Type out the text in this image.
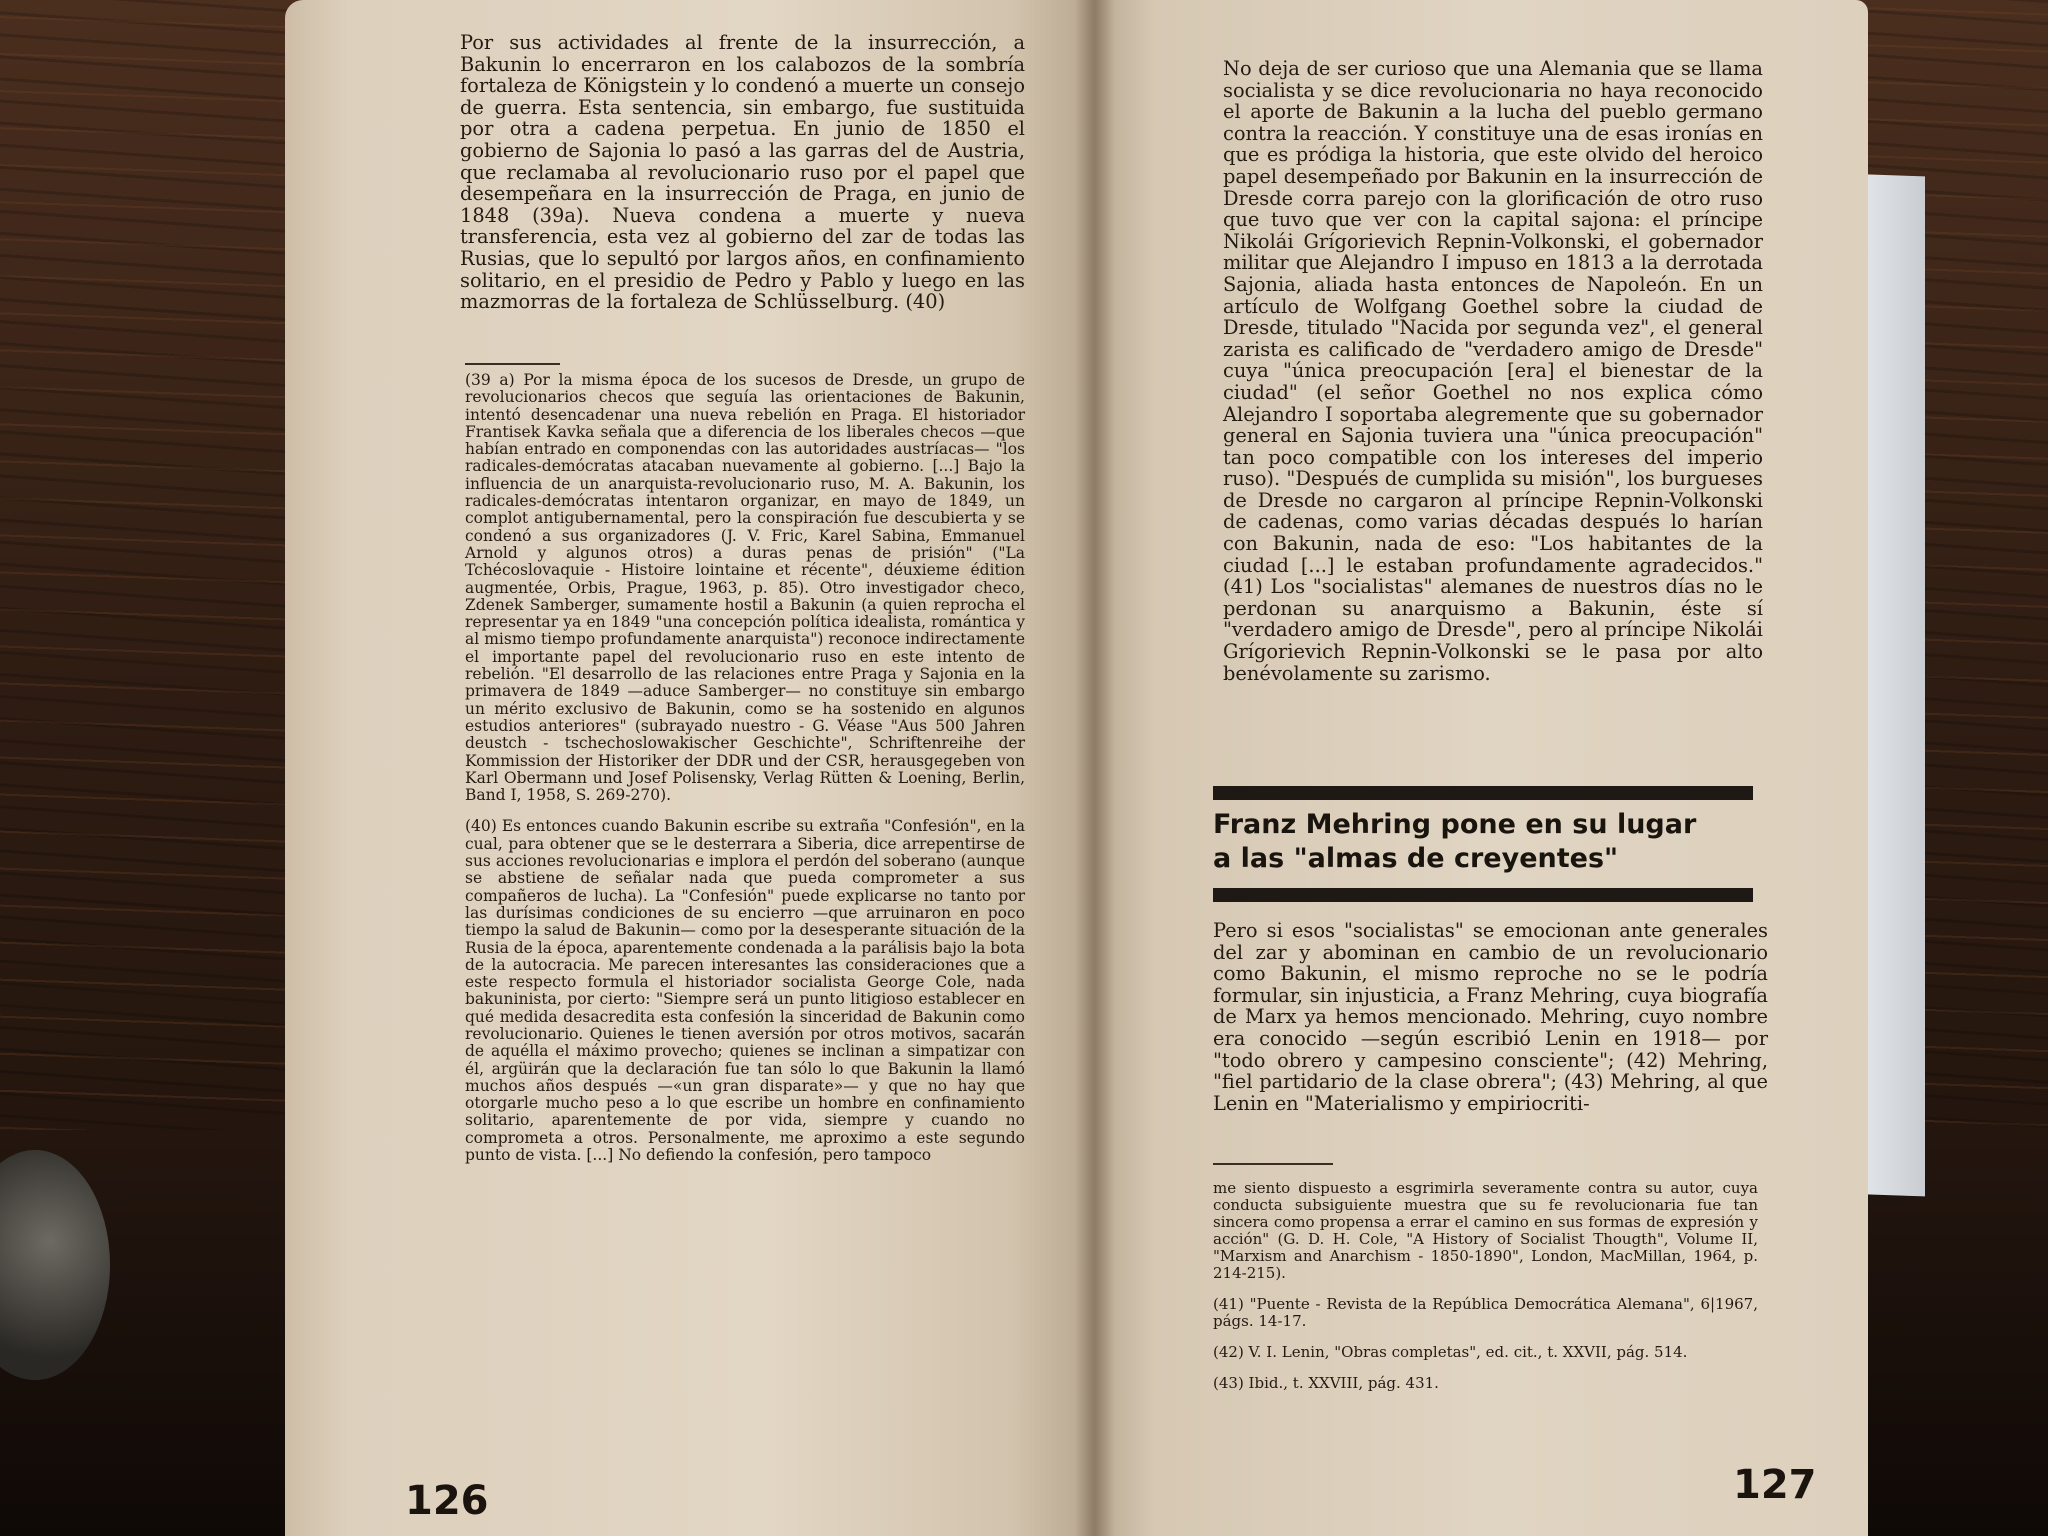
Por sus actividades al frente de la insurrección, a Bakunin lo encerraron en los calabozos de la sombría fortaleza de Königstein y lo condenó a muerte un consejo de guerra. Esta sentencia, sin embargo, fue sustituida por otra a cadena perpetua. En junio de 1850 el gobierno de Sajonia lo pasó a las garras del de Austria, que reclamaba al revolucionario ruso por el papel que desempeñara en la insurrección de Praga, en junio de 1848 (39a). Nueva condena a muerte y nueva transferencia, esta vez al gobierno del zar de todas las Rusias, que lo sepultó por largos años, en confinamiento solitario, en el presidio de Pedro y Pablo y luego en las mazmorras de la fortaleza de Schlüsselburg. (40)

(39 a) Por la misma época de los sucesos de Dresde, un grupo de revolucionarios checos que seguía las orientaciones de Bakunin, intentó desencadenar una nueva rebelión en Praga. El historiador Frantisek Kavka señala que a diferencia de los liberales checos —que habían entrado en componendas con las autoridades austríacas— "los radicales-demócratas atacaban nuevamente al gobierno. [...] Bajo la influencia de un anarquista-revolucionario ruso, M. A. Bakunin, los radicales-demócratas intentaron organizar, en mayo de 1849, un complot antigubernamental, pero la conspiración fue descubierta y se condenó a sus organizadores (J. V. Fric, Karel Sabina, Emmanuel Arnold y algunos otros) a duras penas de prisión" ("La Tchécoslovaquie - Histoire lointaine et récente", déuxieme édition augmentée, Orbis, Prague, 1963, p. 85). Otro investigador checo, Zdenek Samberger, sumamente hostil a Bakunin (a quien reprocha el representar ya en 1849 "una concepción política idealista, romántica y al mismo tiempo profundamente anarquista") reconoce indirectamente el importante papel del revolucionario ruso en este intento de rebelión. "El desarrollo de las relaciones entre Praga y Sajonia en la primavera de 1849 —aduce Samberger— no constituye sin embargo un mérito exclusivo de Bakunin, como se ha sostenido en algunos estudios anteriores" (subrayado nuestro - G. Véase "Aus 500 Jahren deustch - tschechoslowakischer Geschichte", Schriftenreihe der Kommission der Historiker der DDR und der CSR, herausgegeben von Karl Obermann und Josef Polisensky, Verlag Rütten & Loening, Berlin, Band I, 1958, S. 269-270).

(40) Es entonces cuando Bakunin escribe su extraña "Confesión", en la cual, para obtener que se le desterrara a Siberia, dice arrepentirse de sus acciones revolucionarias e implora el perdón del soberano (aunque se abstiene de señalar nada que pueda comprometer a sus compañeros de lucha). La "Confesión" puede explicarse no tanto por las durísimas condiciones de su encierro —que arruinaron en poco tiempo la salud de Bakunin— como por la desesperante situación de la Rusia de la época, aparentemente condenada a la parálisis bajo la bota de la autocracia. Me parecen interesantes las consideraciones que a este respecto formula el historiador socialista George Cole, nada bakuninista, por cierto: "Siempre será un punto litigioso establecer en qué medida desacredita esta confesión la sinceridad de Bakunin como revolucionario. Quienes le tienen aversión por otros motivos, sacarán de aquélla el máximo provecho; quienes se inclinan a simpatizar con él, argüirán que la declaración fue tan sólo lo que Bakunin la llamó muchos años después —«un gran disparate»— y que no hay que otorgarle mucho peso a lo que escribe un hombre en confinamiento solitario, aparentemente de por vida, siempre y cuando no comprometa a otros. Personalmente, me aproximo a este segundo punto de vista. [...] No defiendo la confesión, pero tampoco

126
No deja de ser curioso que una Alemania que se llama socialista y se dice revolucionaria no haya reconocido el aporte de Bakunin a la lucha del pueblo germano contra la reacción. Y constituye una de esas ironías en que es pródiga la historia, que este olvido del heroico papel desempeñado por Bakunin en la insurrección de Dresde corra parejo con la glorificación de otro ruso que tuvo que ver con la capital sajona: el príncipe Nikolái Grígorievich Repnin-Volkonski, el gobernador militar que Alejandro I impuso en 1813 a la derrotada Sajonia, aliada hasta entonces de Napoleón. En un artículo de Wolfgang Goethel sobre la ciudad de Dresde, titulado "Nacida por segunda vez", el general zarista es calificado de "verdadero amigo de Dresde" cuya "única preocupación [era] el bienestar de la ciudad" (el señor Goethel no nos explica cómo Alejandro I soportaba alegremente que su gobernador general en Sajonia tuviera una "única preocupación" tan poco compatible con los intereses del imperio ruso). "Después de cumplida su misión", los burgueses de Dresde no cargaron al príncipe Repnin-Volkonski de cadenas, como varias décadas después lo harían con Bakunin, nada de eso: "Los habitantes de la ciudad [...] le estaban profundamente agradecidos." (41) Los "socialistas" alemanes de nuestros días no le perdonan su anarquismo a Bakunin, éste sí "verdadero amigo de Dresde", pero al príncipe Nikolái Grígorievich Repnin-Volkonski se le pasa por alto benévolamente su zarismo.
Franz Mehring pone en su lugar
a las "almas de creyentes"
Pero si esos "socialistas" se emocionan ante generales del zar y abominan en cambio de un revolucionario como Bakunin, el mismo reproche no se le podría formular, sin injusticia, a Franz Mehring, cuya biografía de Marx ya hemos mencionado. Mehring, cuyo nombre era conocido —según escribió Lenin en 1918— por "todo obrero y campesino consciente"; (42) Mehring, "fiel partidario de la clase obrera"; (43) Mehring, al que Lenin en "Materialismo y empiriocriti-

me siento dispuesto a esgrimirla severamente contra su autor, cuya conducta subsiguiente muestra que su fe revolucionaria fue tan sincera como propensa a errar el camino en sus formas de expresión y acción" (G. D. H. Cole, "A History of Socialist Thougth", Volume II, "Marxism and Anarchism - 1850-1890", London, MacMillan, 1964, p. 214-215).

(41) "Puente - Revista de la República Democrática Alemana", 6|1967, págs. 14-17.

(42) V. I. Lenin, "Obras completas", ed. cit., t. XXVII, pág. 514.

(43) Ibid., t. XXVIII, pág. 431.

127
